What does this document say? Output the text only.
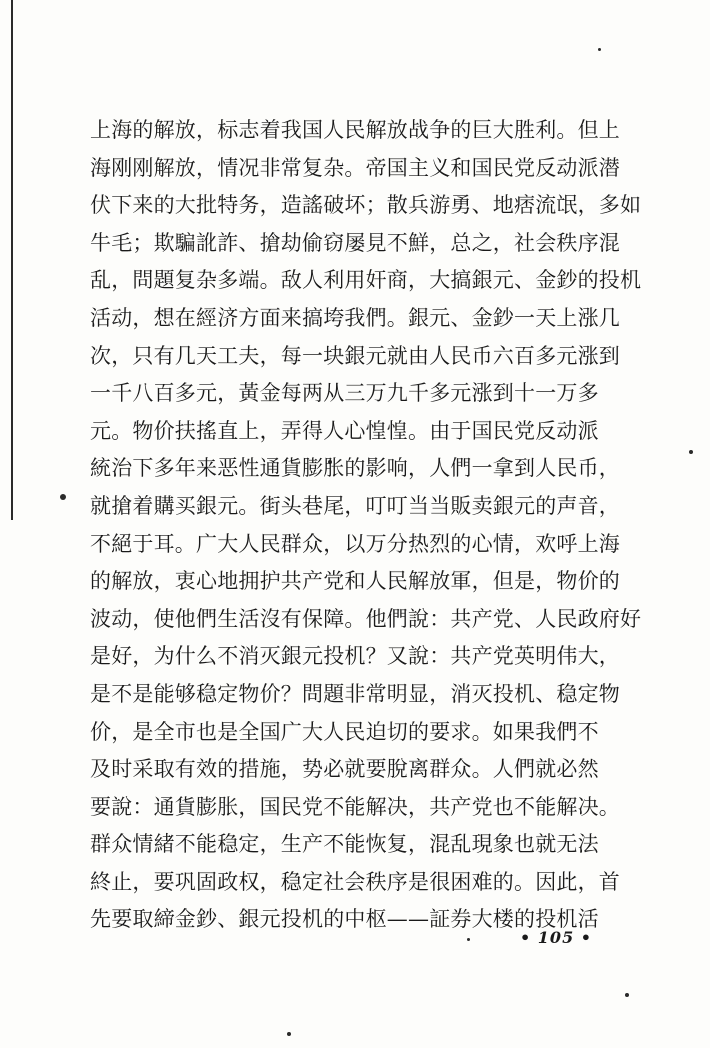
上海的解放，标志着我国人民解放战争的巨大胜利。但上
海刚刚解放，情况非常复杂。帝国主义和国民党反动派潜
伏下来的大批特务，造謠破坏；散兵游勇、地痞流氓，多如
牛毛；欺騙訛詐、搶劫偷窃屡見不鮮，总之，社会秩序混
乱，問題复杂多端。敌人利用奸商，大搞銀元、金鈔的投机
活动，想在經济方面来搞垮我們。銀元、金鈔一天上涨几
次，只有几天工夫，每一块銀元就由人民币六百多元涨到
一千八百多元，黃金每两从三万九千多元涨到十一万多
元。物价扶搖直上，弄得人心惶惶。由于国民党反动派
統治下多年来恶性通貨膨胀的影响，人們一拿到人民币，
就搶着購买銀元。街头巷尾，叮叮当当販卖銀元的声音，
不絕于耳。广大人民群众，以万分热烈的心情，欢呼上海
的解放，衷心地拥护共产党和人民解放軍，但是，物价的
波动，使他們生活沒有保障。他們說：共产党、人民政府好
是好，为什么不消灭銀元投机？又說：共产党英明伟大，
是不是能够稳定物价？問題非常明显，消灭投机、稳定物
价，是全市也是全国广大人民迫切的要求。如果我們不
及时采取有效的措施，势必就要脫离群众。人們就必然
要說：通貨膨胀，国民党不能解决，共产党也不能解决。
群众情緒不能稳定，生产不能恢复，混乱現象也就无法
終止，要巩固政权，稳定社会秩序是很困难的。因此，首
先要取締金鈔、銀元投机的中枢——証券大楼的投机活
• 105 •
